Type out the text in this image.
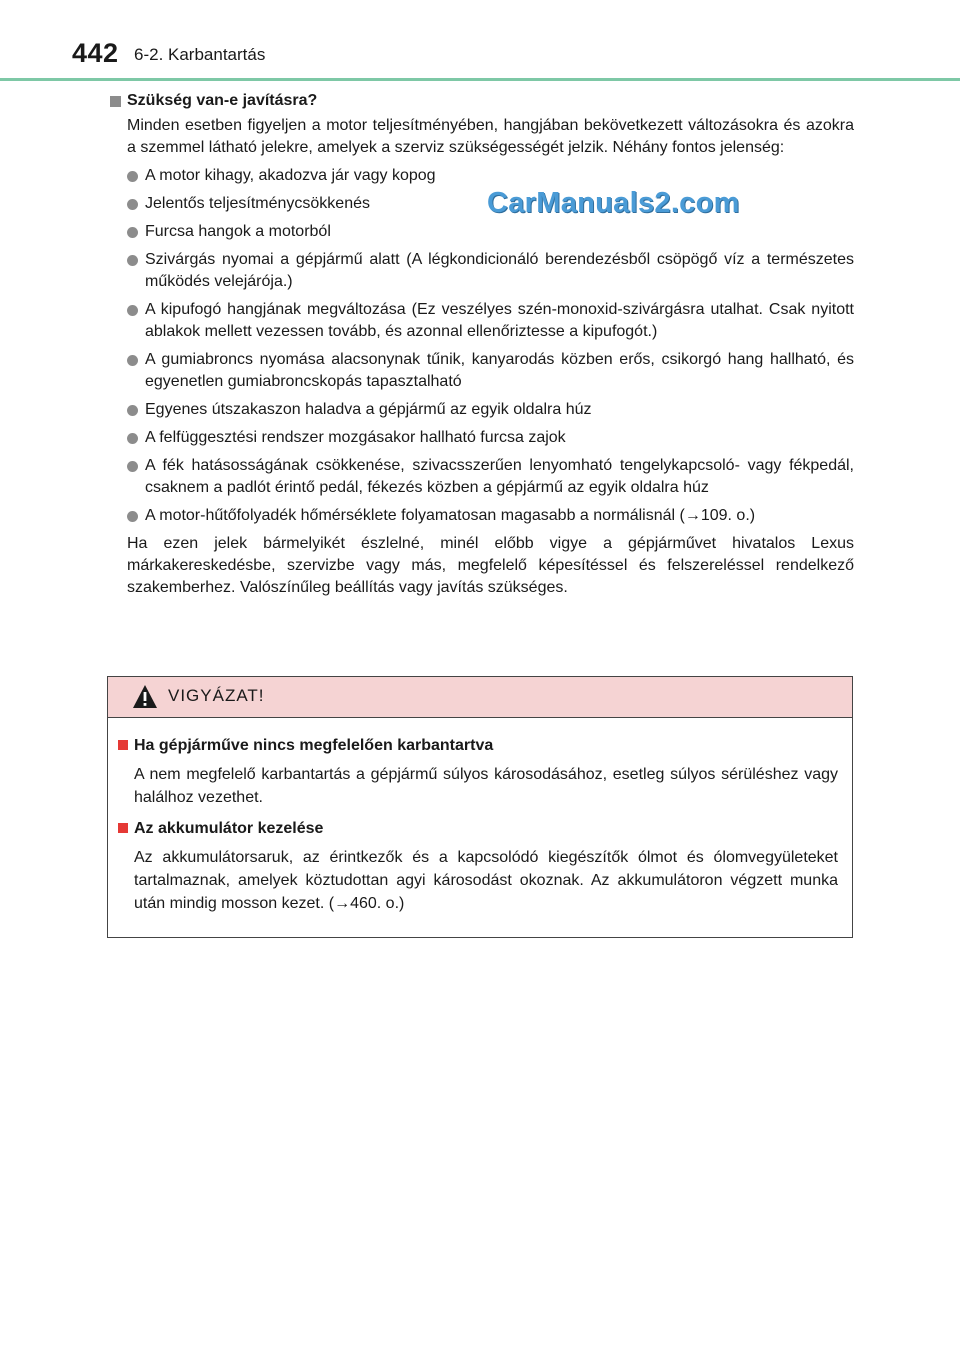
442 6-2. Karbantartás
Szükség van-e javításra?
Minden esetben figyeljen a motor teljesítményében, hangjában bekövetkezett változásokra és azokra a szemmel látható jelekre, amelyek a szerviz szükségességét jelzik. Néhány fontos jelenség:
A motor kihagy, akadozva jár vagy kopog
Jelentős teljesítménycsökkenés
Furcsa hangok a motorból
Szivárgás nyomai a gépjármű alatt (A légkondicionáló berendezésből csöpögő víz a természetes működés velejárója.)
A kipufogó hangjának megváltozása (Ez veszélyes szén-monoxid-szivárgásra utalhat. Csak nyitott ablakok mellett vezessen tovább, és azonnal ellenőriztesse a kipufogót.)
A gumiabroncs nyomása alacsonynak tűnik, kanyarodás közben erős, csikorgó hang hallható, és egyenetlen gumiabroncskopás tapasztalható
Egyenes útszakaszon haladva a gépjármű az egyik oldalra húz
A felfüggesztési rendszer mozgásakor hallható furcsa zajok
A fék hatásosságának csökkenése, szivacsszerűen lenyomható tengelykapcsoló- vagy fékpedál, csaknem a padlót érintő pedál, fékezés közben a gépjármű az egyik oldalra húz
A motor-hűtőfolyadék hőmérséklete folyamatosan magasabb a normálisnál (→109. o.)
Ha ezen jelek bármelyikét észlelné, minél előbb vigye a gépjárművet hivatalos Lexus márkakereskedésbe, szervizbe vagy más, megfelelő képesítéssel és felszereléssel rendelkező szakemberhez. Valószínűleg beállítás vagy javítás szükséges.
CarManuals2.com
VIGYÁZAT!
Ha gépjárműve nincs megfelelően karbantartva
A nem megfelelő karbantartás a gépjármű súlyos károsodásához, esetleg súlyos sérüléshez vagy halálhoz vezethet.
Az akkumulátor kezelése
Az akkumulátorsaruk, az érintkezők és a kapcsolódó kiegészítők ólmot és ólomvegyületeket tartalmaznak, amelyek köztudottan agyi károsodást okoznak. Az akkumulátoron végzett munka után mindig mosson kezet. (→460. o.)
